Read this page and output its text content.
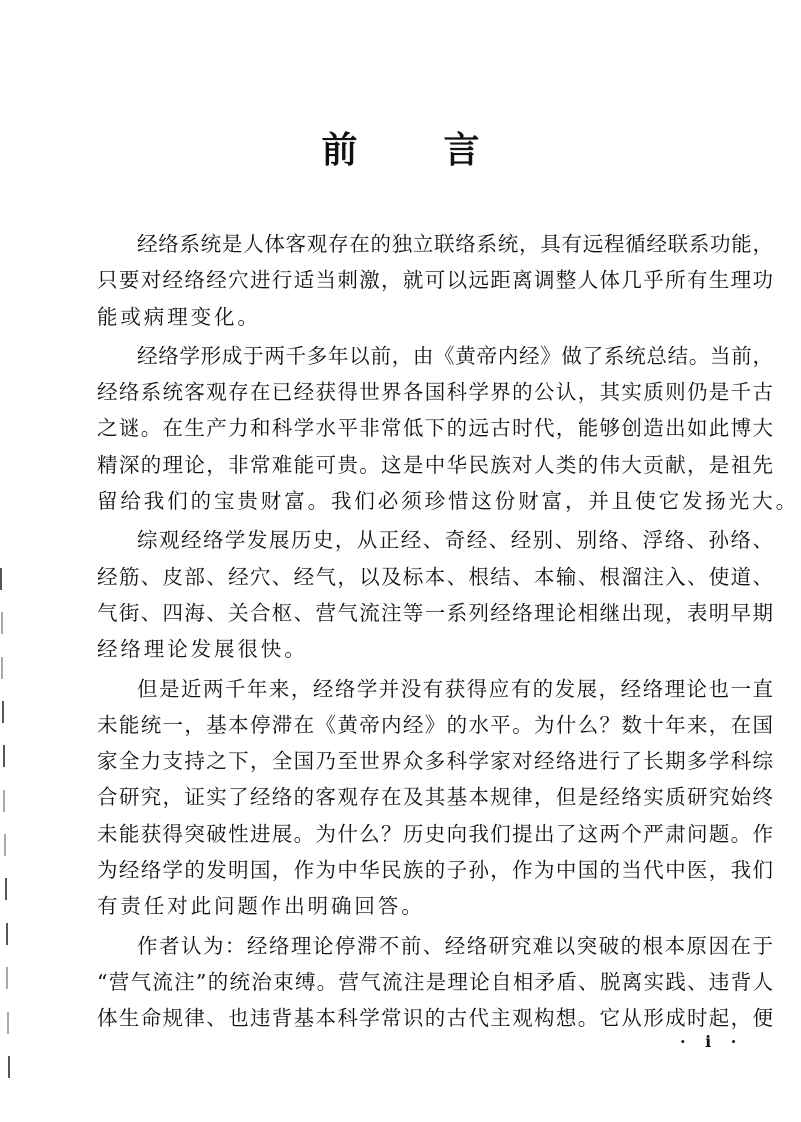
前 言
经络系统是人体客观存在的独立联络系统，具有远程循经联系功能，
只要对经络经穴进行适当刺激，就可以远距离调整人体几乎所有生理功
能或病理变化。
经络学形成于两千多年以前，由《黄帝内经》做了系统总结。当前，
经络系统客观存在已经获得世界各国科学界的公认，其实质则仍是千古
之谜。在生产力和科学水平非常低下的远古时代，能够创造出如此博大
精深的理论，非常难能可贵。这是中华民族对人类的伟大贡献，是祖先
留给我们的宝贵财富。我们必须珍惜这份财富，并且使它发扬光大。
综观经络学发展历史，从正经、奇经、经别、别络、浮络、孙络、
经筋、皮部、经穴、经气，以及标本、根结、本输、根溜注入、使道、
气街、四海、关合枢、营气流注等一系列经络理论相继出现，表明早期
经络理论发展很快。
但是近两千年来，经络学并没有获得应有的发展，经络理论也一直
未能统一，基本停滞在《黄帝内经》的水平。为什么？数十年来，在国
家全力支持之下，全国乃至世界众多科学家对经络进行了长期多学科综
合研究，证实了经络的客观存在及其基本规律，但是经络实质研究始终
未能获得突破性进展。为什么？历史向我们提出了这两个严肃问题。作
为经络学的发明国，作为中华民族的子孙，作为中国的当代中医，我们
有责任对此问题作出明确回答。
作者认为：经络理论停滞不前、经络研究难以突破的根本原因在于
“营气流注”的统治束缚。营气流注是理论自相矛盾、脱离实践、违背人
体生命规律、也违背基本科学常识的古代主观构想。它从形成时起，便
· i ·
